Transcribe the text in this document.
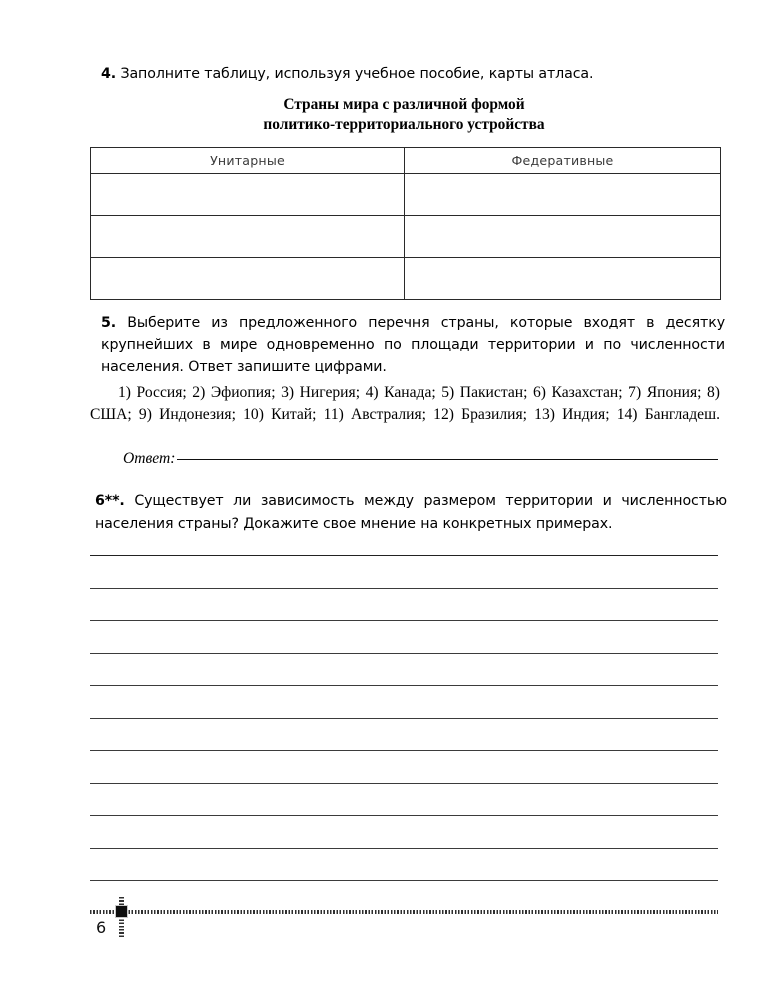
4. Заполните таблицу, используя учебное пособие, карты атласа.
Страны мира с различной формой
политико-территориального устройства
Унитарные	Федеративные

5. Выберите из предложенного перечня страны, которые входят в десятку крупнейших в мире одновременно по площади территории и по численности населения. Ответ запишите цифрами.
1) Россия; 2) Эфиопия; 3) Нигерия; 4) Канада; 5) Пакистан; 6) Казахстан; 7) Япония; 8) США; 9) Индонезия; 10) Китай; 11) Австралия; 12) Бразилия; 13) Индия; 14) Бангладеш.
Ответ:
6**. Существует ли зависимость между размером территории и численностью населения страны? Докажите свое мнение на конкретных примерах.
6
